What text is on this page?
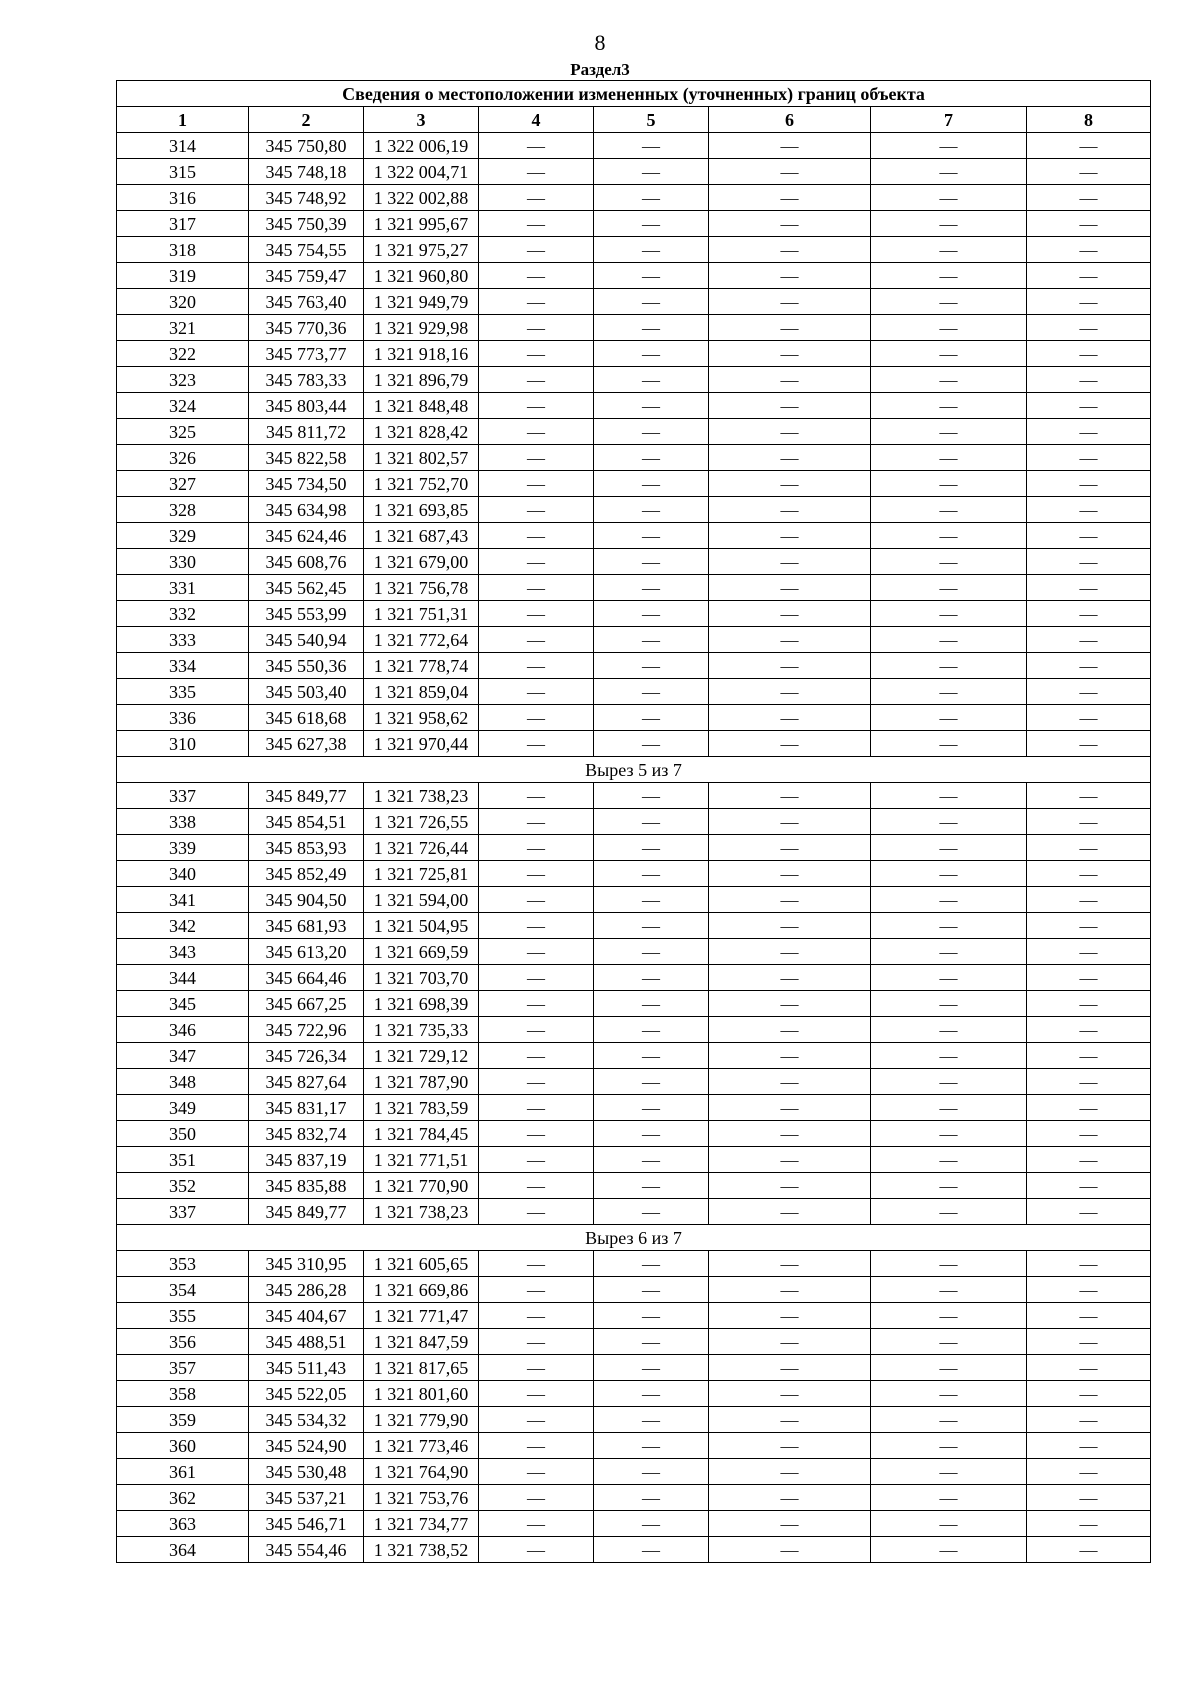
8
Раздел3
Сведения о местоположении измененных (уточненных) границ объекта							
1	2	3	4	5	6	7	8
314	345 750,80	1 322 006,19	—	—	—	—	—
315	345 748,18	1 322 004,71	—	—	—	—	—
316	345 748,92	1 322 002,88	—	—	—	—	—
317	345 750,39	1 321 995,67	—	—	—	—	—
318	345 754,55	1 321 975,27	—	—	—	—	—
319	345 759,47	1 321 960,80	—	—	—	—	—
320	345 763,40	1 321 949,79	—	—	—	—	—
321	345 770,36	1 321 929,98	—	—	—	—	—
322	345 773,77	1 321 918,16	—	—	—	—	—
323	345 783,33	1 321 896,79	—	—	—	—	—
324	345 803,44	1 321 848,48	—	—	—	—	—
325	345 811,72	1 321 828,42	—	—	—	—	—
326	345 822,58	1 321 802,57	—	—	—	—	—
327	345 734,50	1 321 752,70	—	—	—	—	—
328	345 634,98	1 321 693,85	—	—	—	—	—
329	345 624,46	1 321 687,43	—	—	—	—	—
330	345 608,76	1 321 679,00	—	—	—	—	—
331	345 562,45	1 321 756,78	—	—	—	—	—
332	345 553,99	1 321 751,31	—	—	—	—	—
333	345 540,94	1 321 772,64	—	—	—	—	—
334	345 550,36	1 321 778,74	—	—	—	—	—
335	345 503,40	1 321 859,04	—	—	—	—	—
336	345 618,68	1 321 958,62	—	—	—	—	—
310	345 627,38	1 321 970,44	—	—	—	—	—
Вырез 5 из 7							
337	345 849,77	1 321 738,23	—	—	—	—	—
338	345 854,51	1 321 726,55	—	—	—	—	—
339	345 853,93	1 321 726,44	—	—	—	—	—
340	345 852,49	1 321 725,81	—	—	—	—	—
341	345 904,50	1 321 594,00	—	—	—	—	—
342	345 681,93	1 321 504,95	—	—	—	—	—
343	345 613,20	1 321 669,59	—	—	—	—	—
344	345 664,46	1 321 703,70	—	—	—	—	—
345	345 667,25	1 321 698,39	—	—	—	—	—
346	345 722,96	1 321 735,33	—	—	—	—	—
347	345 726,34	1 321 729,12	—	—	—	—	—
348	345 827,64	1 321 787,90	—	—	—	—	—
349	345 831,17	1 321 783,59	—	—	—	—	—
350	345 832,74	1 321 784,45	—	—	—	—	—
351	345 837,19	1 321 771,51	—	—	—	—	—
352	345 835,88	1 321 770,90	—	—	—	—	—
337	345 849,77	1 321 738,23	—	—	—	—	—
Вырез 6 из 7							
353	345 310,95	1 321 605,65	—	—	—	—	—
354	345 286,28	1 321 669,86	—	—	—	—	—
355	345 404,67	1 321 771,47	—	—	—	—	—
356	345 488,51	1 321 847,59	—	—	—	—	—
357	345 511,43	1 321 817,65	—	—	—	—	—
358	345 522,05	1 321 801,60	—	—	—	—	—
359	345 534,32	1 321 779,90	—	—	—	—	—
360	345 524,90	1 321 773,46	—	—	—	—	—
361	345 530,48	1 321 764,90	—	—	—	—	—
362	345 537,21	1 321 753,76	—	—	—	—	—
363	345 546,71	1 321 734,77	—	—	—	—	—
364	345 554,46	1 321 738,52	—	—	—	—	—
